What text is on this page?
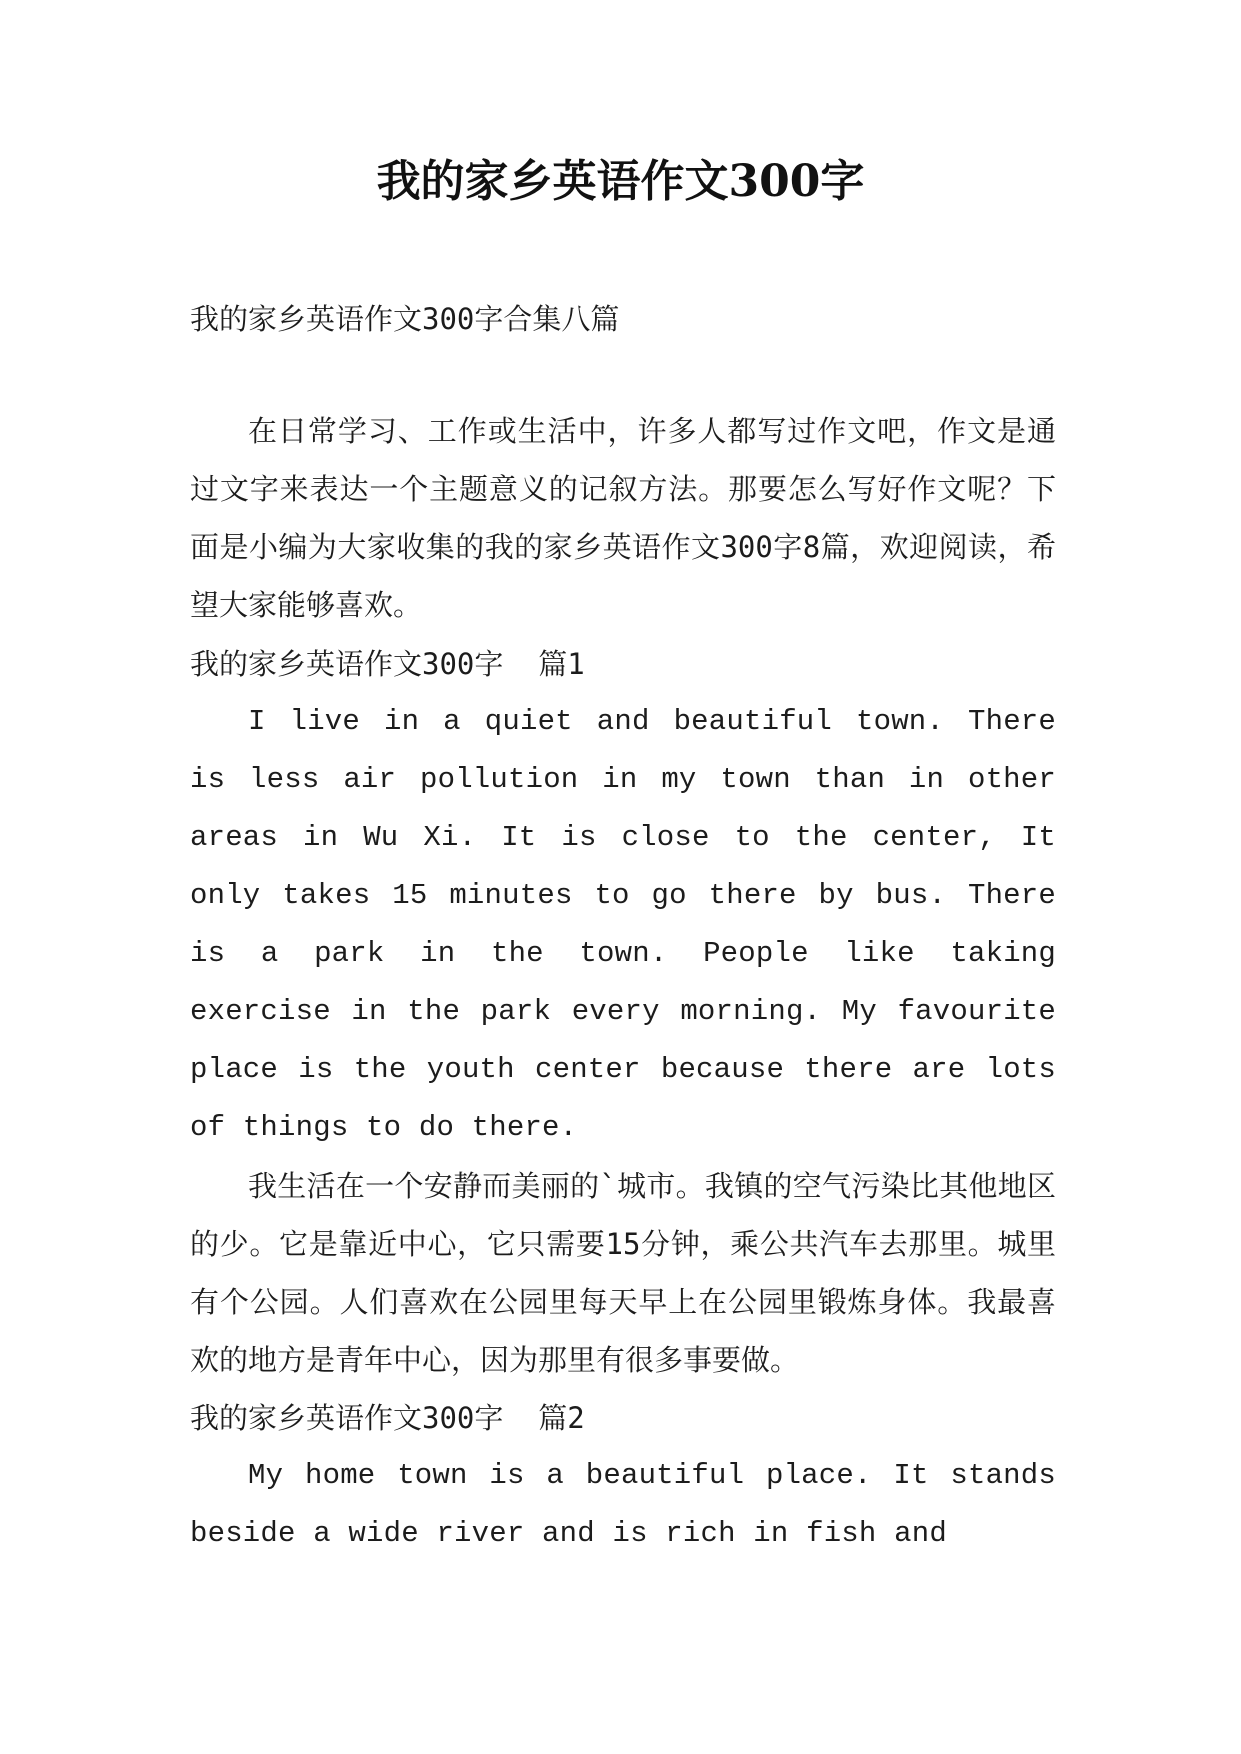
我的家乡英语作文300字

我的家乡英语作文300字合集八篇

在日常学习、工作或生活中，许多人都写过作文吧，作文是通过文字来表达一个主题意义的记叙方法。那要怎么写好作文呢？下面是小编为大家收集的我的家乡英语作文300字8篇，欢迎阅读，希望大家能够喜欢。

我的家乡英语作文300字  篇1

I live in a quiet and beautiful town. There is less air pollution in my town than in other areas in Wu Xi. It is close to the center, It only takes 15 minutes to go there by bus. There is a park in the town. People like taking exercise in the park every morning. My favourite place is the youth center because there are lots of things to do there.

我生活在一个安静而美丽的`城市。我镇的空气污染比其他地区的少。它是靠近中心，它只需要15分钟，乘公共汽车去那里。城里有个公园。人们喜欢在公园里每天早上在公园里锻炼身体。我最喜欢的地方是青年中心，因为那里有很多事要做。

我的家乡英语作文300字  篇2

My home town is a beautiful place. It stands beside a wide river and is rich in fish and
